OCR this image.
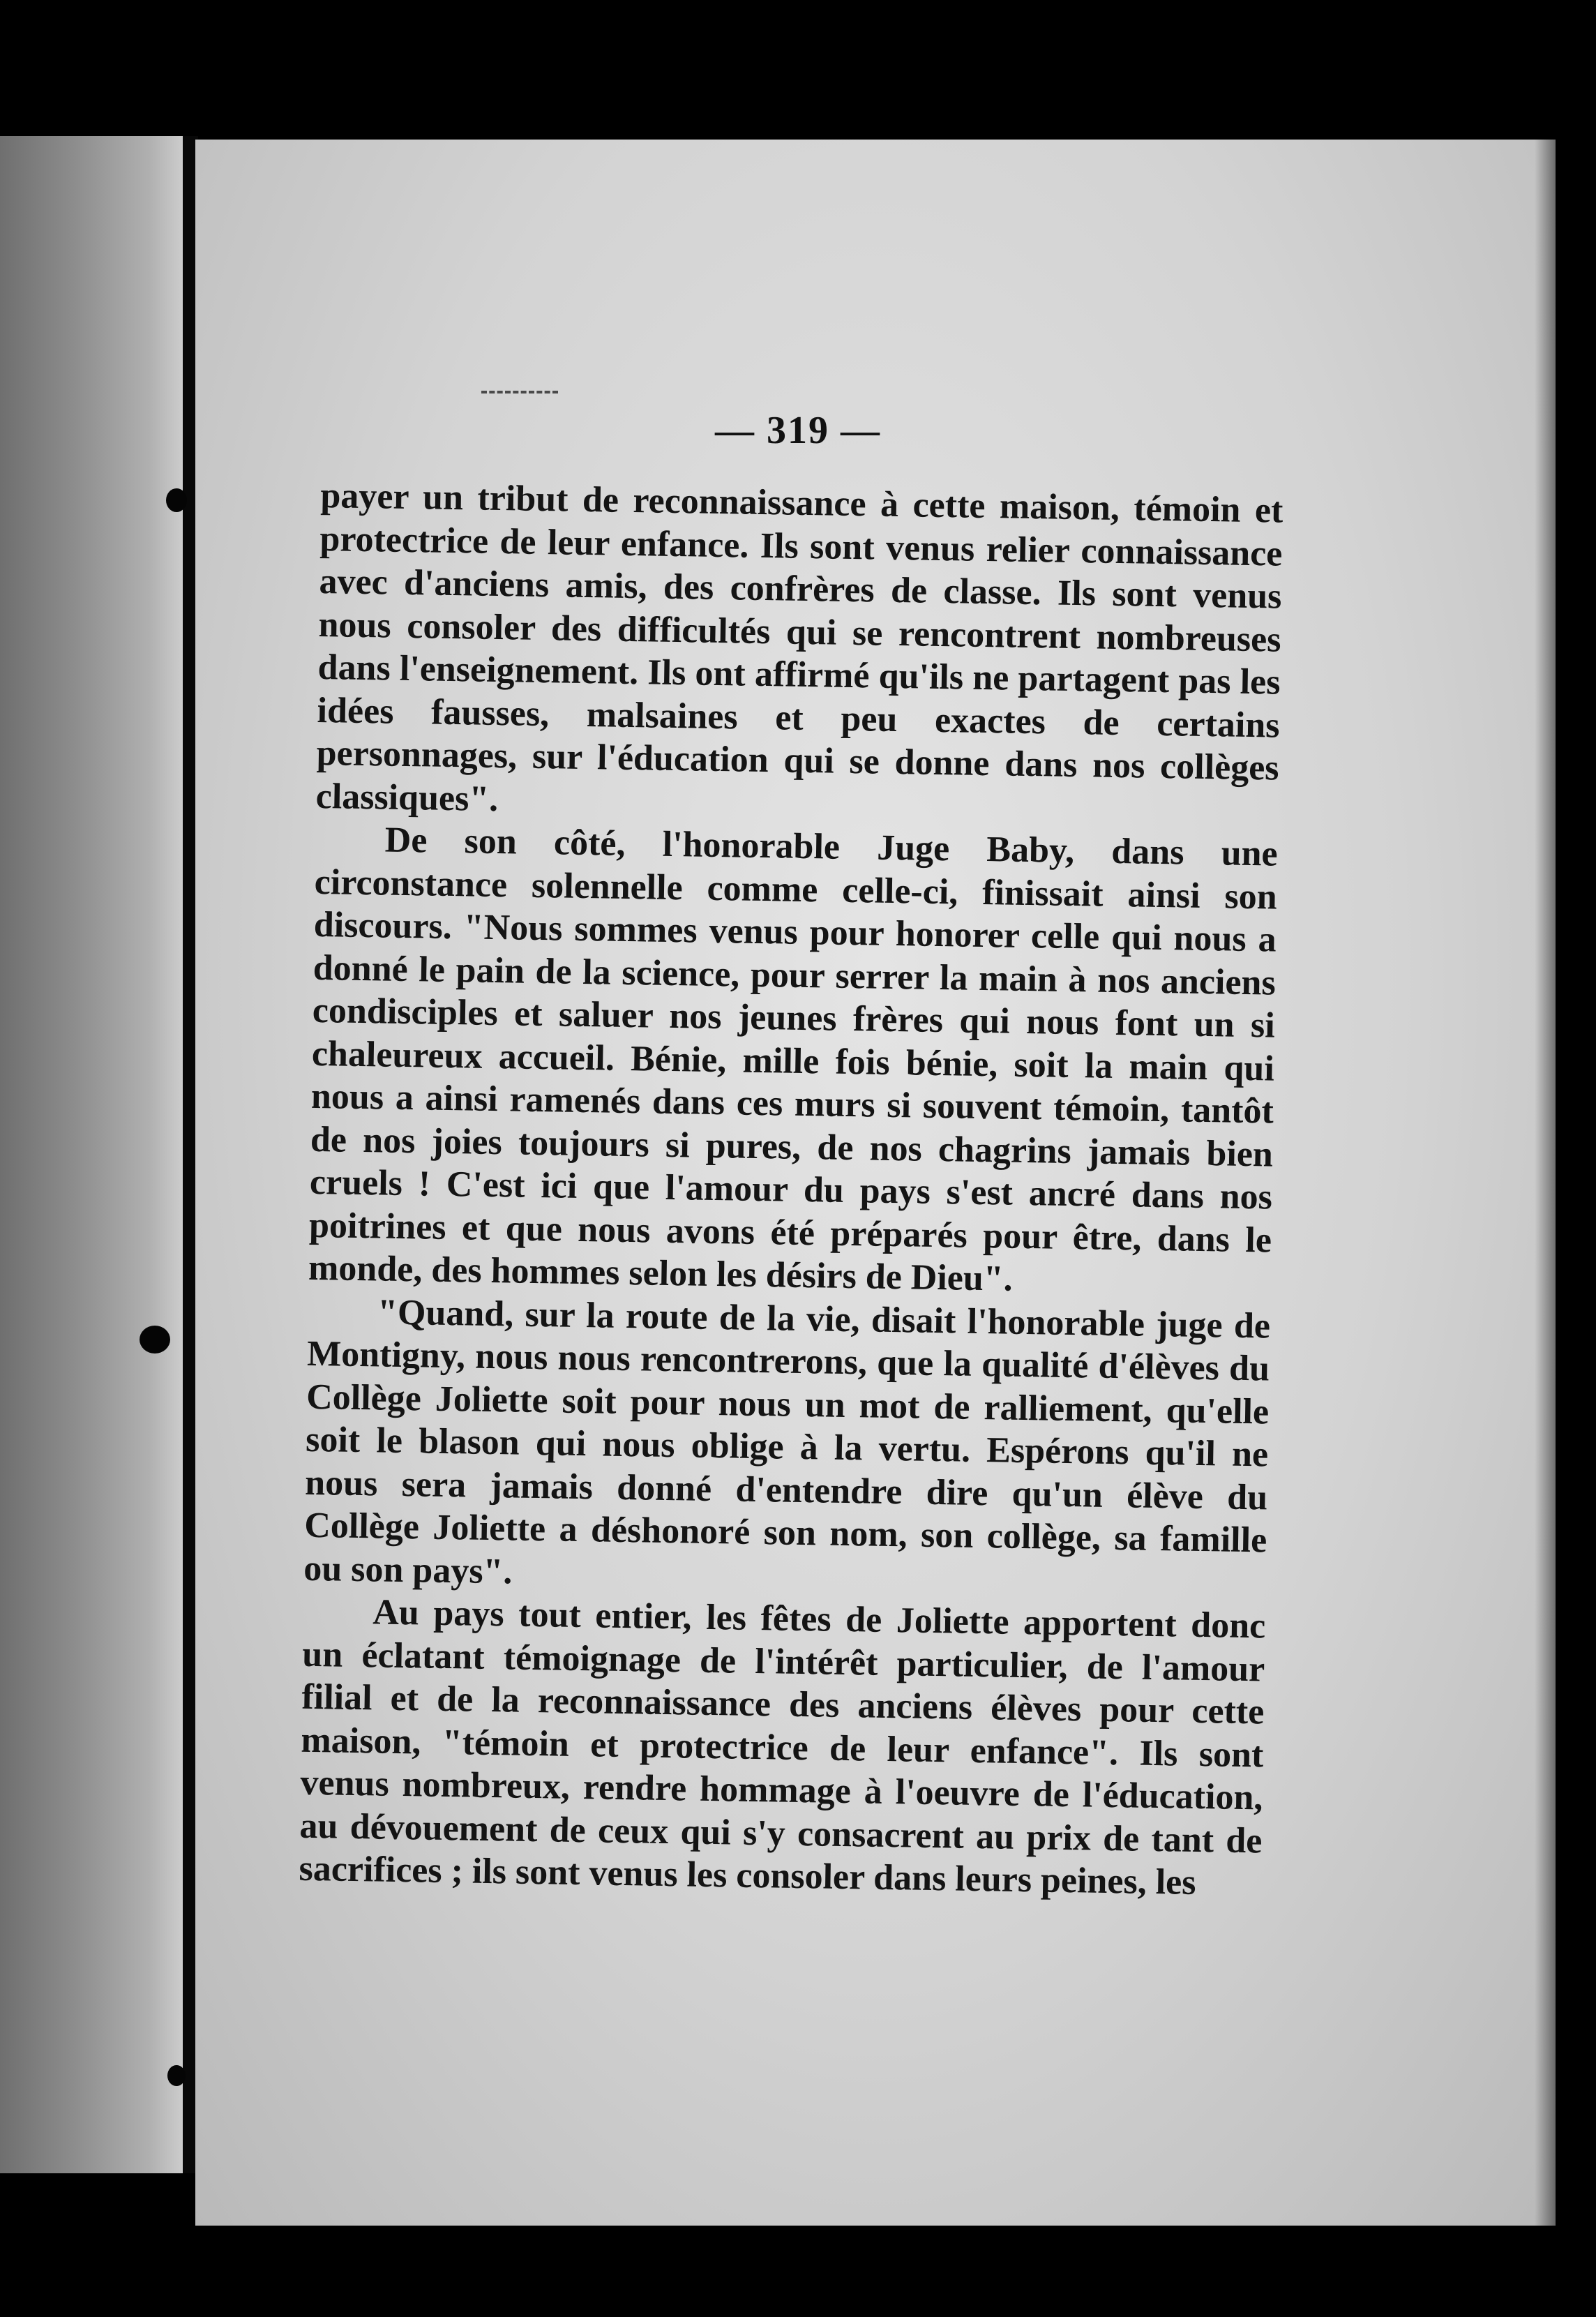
— 319 —

payer un tribut de reconnaissance à cette maison, témoin et protectrice de leur enfance. Ils sont venus relier connaissance avec d'anciens amis, des confrères de classe. Ils sont venus nous consoler des difficultés qui se rencontrent nombreuses dans l'enseignement. Ils ont affirmé qu'ils ne partagent pas les idées fausses, malsaines et peu exactes de certains personnages, sur l'éducation qui se donne dans nos collèges classiques".

De son côté, l'honorable Juge Baby, dans une circonstance solennelle comme celle-ci, finissait ainsi son discours. "Nous sommes venus pour honorer celle qui nous a donné le pain de la science, pour serrer la main à nos anciens condisciples et saluer nos jeunes frères qui nous font un si chaleureux accueil. Bénie, mille fois bénie, soit la main qui nous a ainsi ramenés dans ces murs si souvent témoin, tantôt de nos joies toujours si pures, de nos chagrins jamais bien cruels ! C'est ici que l'amour du pays s'est ancré dans nos poitrines et que nous avons été préparés pour être, dans le monde, des hommes selon les désirs de Dieu".

"Quand, sur la route de la vie, disait l'honorable juge de Montigny, nous nous rencontrerons, que la qualité d'élèves du Collège Joliette soit pour nous un mot de ralliement, qu'elle soit le blason qui nous oblige à la vertu. Espérons qu'il ne nous sera jamais donné d'entendre dire qu'un élève du Collège Joliette a déshonoré son nom, son collège, sa famille ou son pays".

Au pays tout entier, les fêtes de Joliette apportent donc un éclatant témoignage de l'intérêt particulier, de l'amour filial et de la reconnaissance des anciens élèves pour cette maison, "témoin et protectrice de leur enfance". Ils sont venus nombreux, rendre hommage à l'oeuvre de l'éducation, au dévouement de ceux qui s'y consacrent au prix de tant de sacrifices ; ils sont venus les consoler dans leurs peines, les
